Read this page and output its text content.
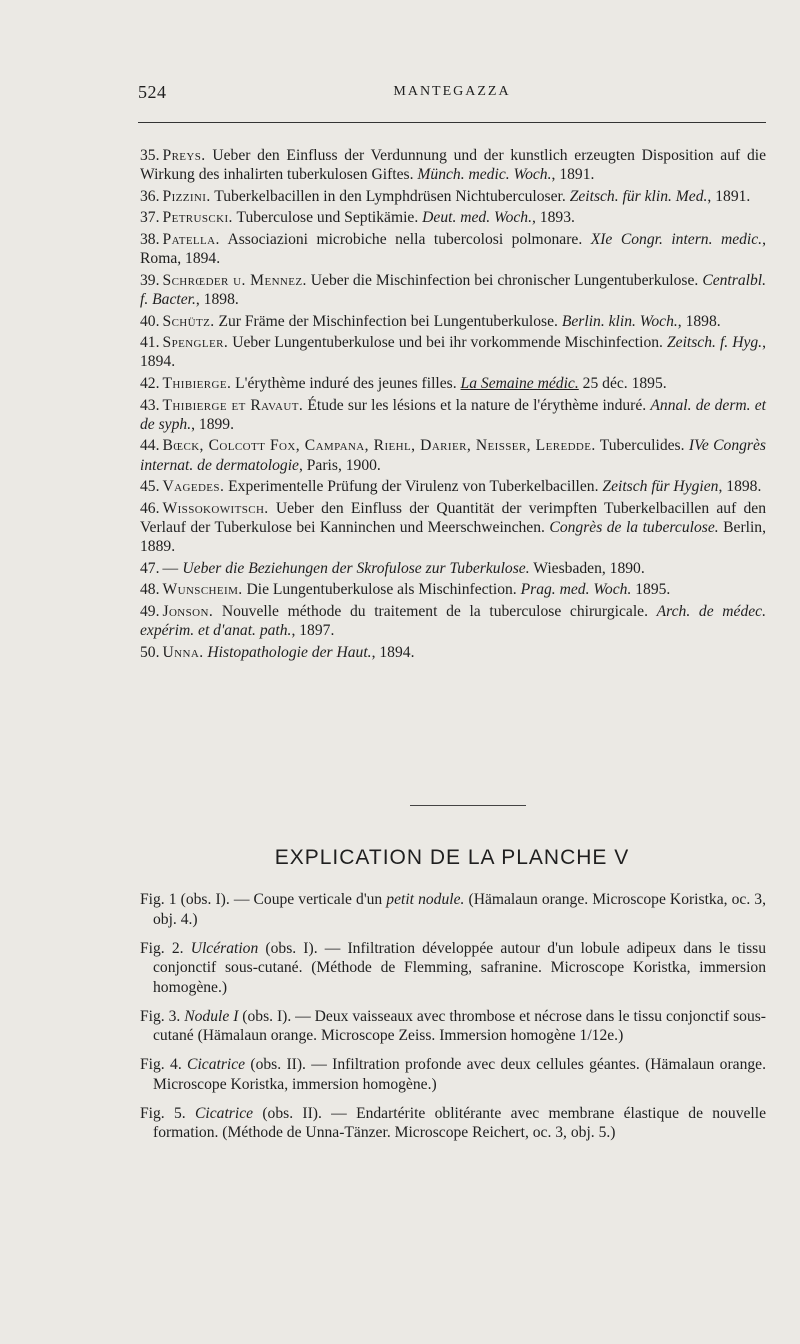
524	MANTEGAZZA

35. Preys. Ueber den Einfluss der Verdunnung und der kunstlich erzeugten Disposition auf die Wirkung des inhalirten tuberkulosen Giftes. Münch. medic. Woch., 1891.

36. Pizzini. Tuberkelbacillen in den Lymphdrüsen Nichtuberculoser. Zeitsch. für klin. Med., 1891.

37. Petruscki. Tuberculose und Septikämie. Deut. med. Woch., 1893.

38. Patella. Associazioni microbiche nella tubercolosi polmonare. XIe Congr. intern. medic., Roma, 1894.

39. Schrœder u. Mennez. Ueber die Mischinfection bei chronischer Lungentuberkulose. Centralbl. f. Bacter., 1898.

40. Schütz. Zur Främe der Mischinfection bei Lungentuberkulose. Berlin. klin. Woch., 1898.

41. Spengler. Ueber Lungentuberkulose und bei ihr vorkommende Mischinfection. Zeitsch. f. Hyg., 1894.

42. Thibierge. L'érythème induré des jeunes filles. La Semaine médic. 25 déc. 1895.

43. Thibierge et Ravaut. Étude sur les lésions et la nature de l'érythème induré. Annal. de derm. et de syph., 1899.

44. Bœck, Colcott Fox, Campana, Riehl, Darier, Neisser, Leredde. Tuberculides. IVe Congrès internat. de dermatologie, Paris, 1900.

45. Vagedes. Experimentelle Prüfung der Virulenz von Tuberkelbacillen. Zeitsch für Hygien, 1898.

46. Wissokowitsch. Ueber den Einfluss der Quantität der verimpften Tuberkelbacillen auf den Verlauf der Tuberkulose bei Kanninchen und Meerschweinchen. Congrès de la tuberculose. Berlin, 1889.

47. — Ueber die Beziehungen der Skrofulose zur Tuberkulose. Wiesbaden, 1890.

48. Wunscheim. Die Lungentuberkulose als Mischinfection. Prag. med. Woch. 1895.

49. Jonson. Nouvelle méthode du traitement de la tuberculose chirurgicale. Arch. de médec. expérim. et d'anat. path., 1897.

50. Unna. Histopathologie der Haut., 1894.

EXPLICATION DE LA PLANCHE V

Fig. 1 (obs. I). — Coupe verticale d'un petit nodule. (Hämalaun orange. Microscope Koristka, oc. 3, obj. 4.)

Fig. 2. Ulcération (obs. I). — Infiltration développée autour d'un lobule adipeux dans le tissu conjonctif sous-cutané. (Méthode de Flemming, safranine. Microscope Koristka, immersion homogène.)

Fig. 3. Nodule I (obs. I). — Deux vaisseaux avec thrombose et nécrose dans le tissu conjonctif sous-cutané (Hämalaun orange. Microscope Zeiss. Immersion homogène 1/12e.)

Fig. 4. Cicatrice (obs. II). — Infiltration profonde avec deux cellules géantes. (Hämalaun orange. Microscope Koristka, immersion homogène.)

Fig. 5. Cicatrice (obs. II). — Endartérite oblitérante avec membrane élastique de nouvelle formation. (Méthode de Unna-Tänzer. Microscope Reichert, oc. 3, obj. 5.)
